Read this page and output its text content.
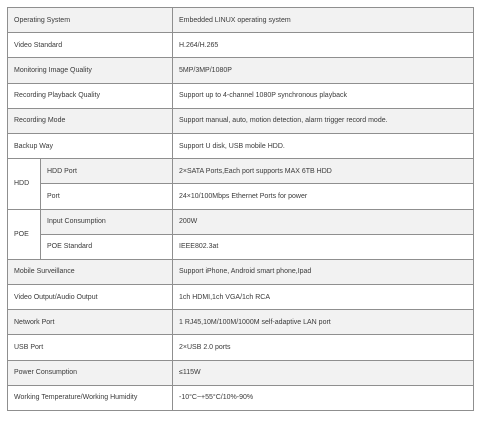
Operating System		Embedded LINUX operating system
Video Standard		H.264/H.265
Monitoring Image Quality		5MP/3MP/1080P
Recording Playback Quality		Support up to 4-channel 1080P synchronous playback
Recording Mode		Support manual, auto, motion detection, alarm trigger record mode.
Backup Way		Support U disk, USB mobile HDD.
HDD	HDD Port	2×SATA Ports,Each port supports MAX 6TB HDD
	Port	24×10/100Mbps Ethernet Ports for power
POE	Input Consumption	200W
	POE Standard	IEEE802.3at
Mobile Surveillance		Support iPhone, Android smart phone,Ipad
Video Output/Audio Output		1ch HDMI,1ch VGA/1ch RCA
Network Port		1 RJ45,10M/100M/1000M self-adaptive LAN port
USB Port		2×USB 2.0 ports
Power Consumption		≤115W
Working Temperature/Working Humidity		-10°C~+55°C/10%-90%
